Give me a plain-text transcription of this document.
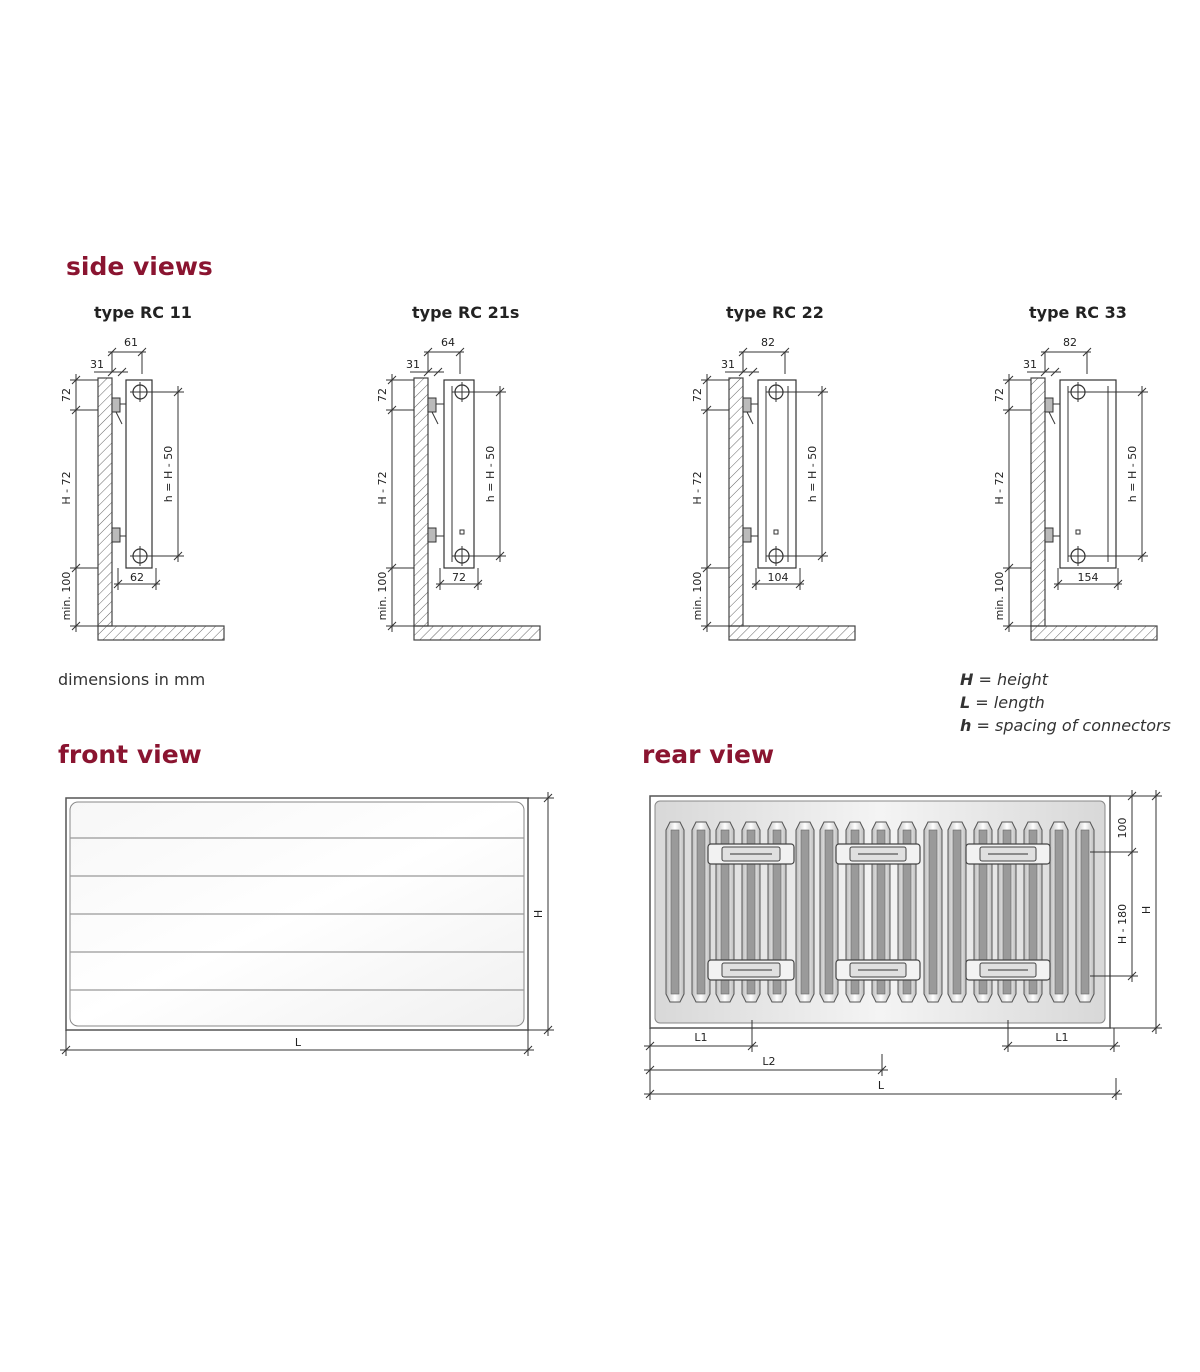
side views
type RC 11	type RC 21s	type RC 22	type RC 33
dimensions in mm	H = height
L = length
h = spacing of connectors
front view	rear view
61
31
72
H - 72
min. 100
h = H - 50
62
64
31
72
H - 72
min. 100
h = H - 50
72
82
31
72
H - 72
min. 100
h = H - 50
104
82
31
72
H - 72
min. 100
h = H - 50
154
H
L
100
H - 180 H
L1	L1
L2
L
